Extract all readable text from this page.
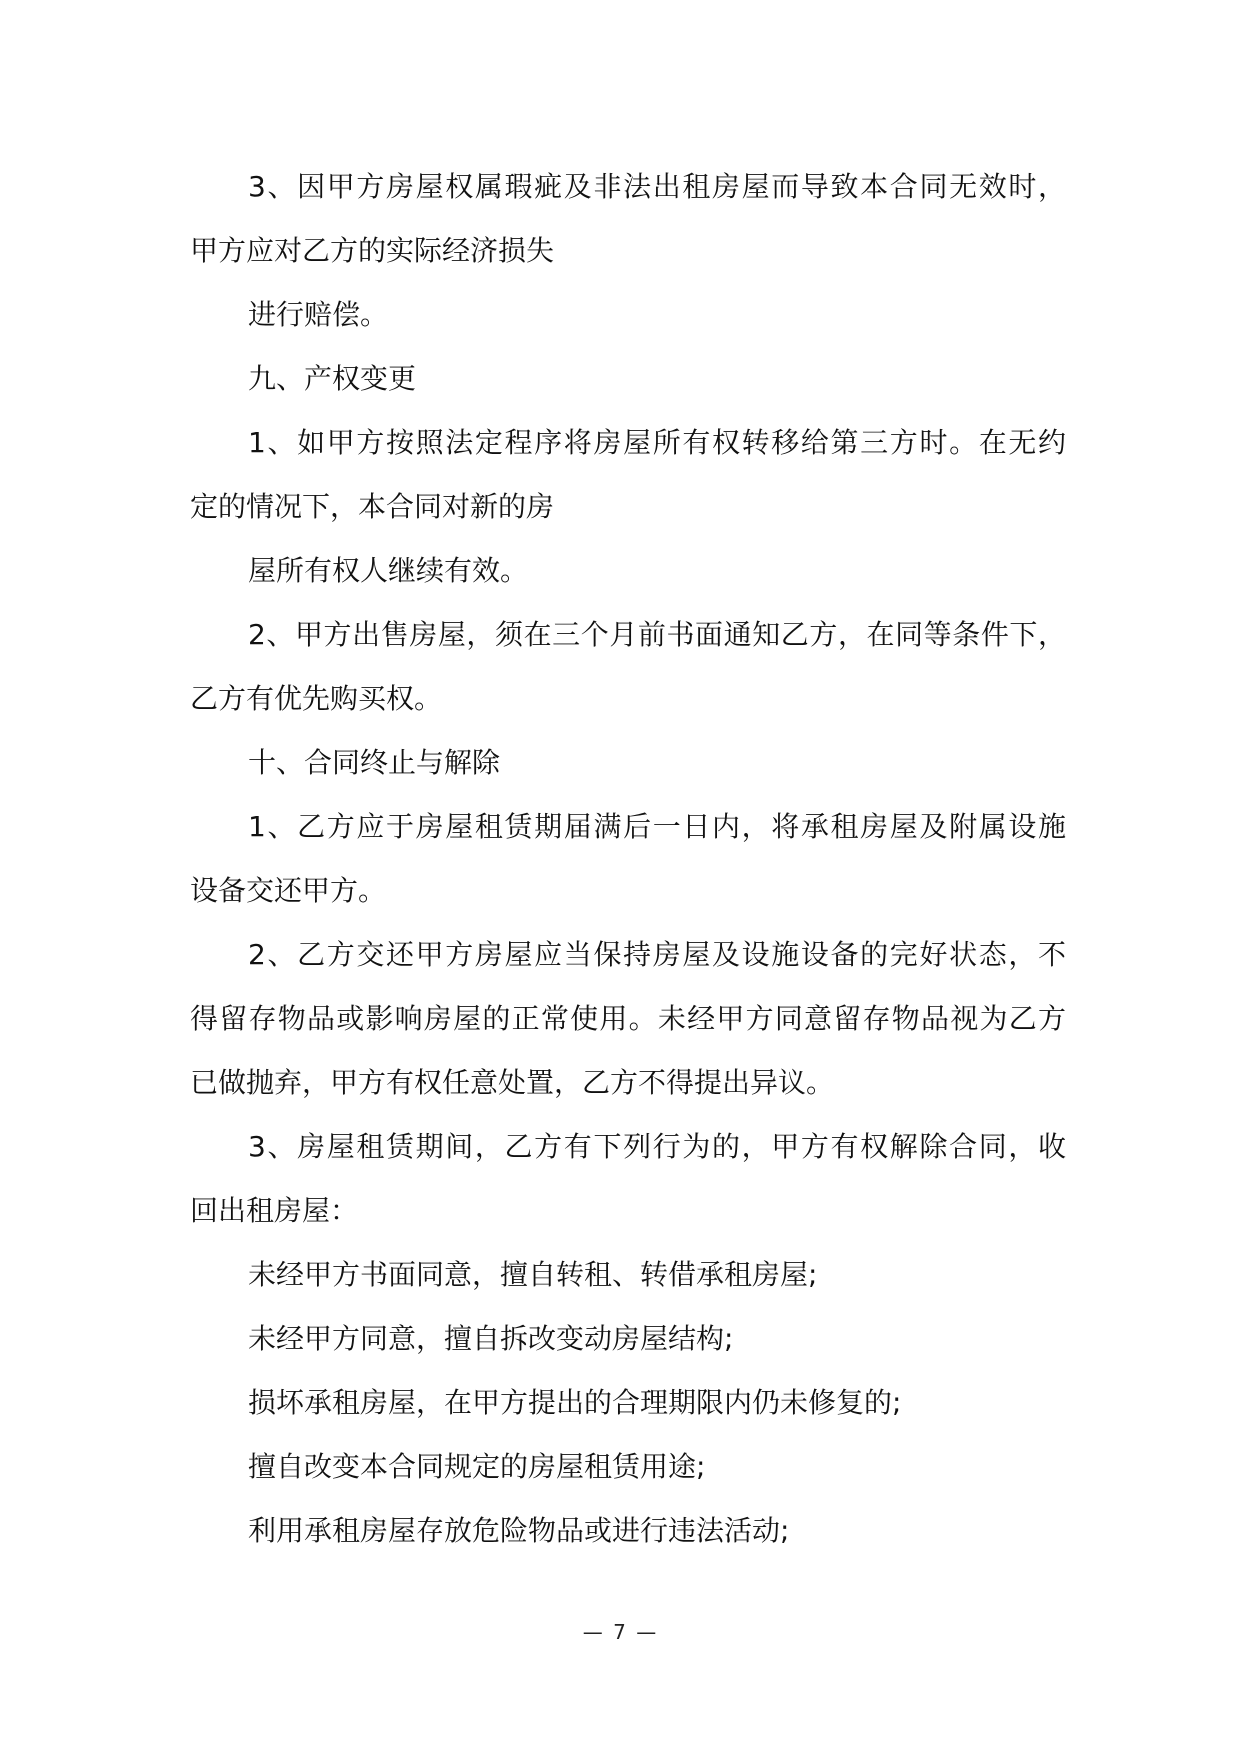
3、因甲方房屋权属瑕疵及非法出租房屋而导致本合同无效时，

甲方应对乙方的实际经济损失

进行赔偿。

九、产权变更

1、如甲方按照法定程序将房屋所有权转移给第三方时。在无约

定的情况下，本合同对新的房

屋所有权人继续有效。

2、甲方出售房屋，须在三个月前书面通知乙方，在同等条件下，

乙方有优先购买权。

十、合同终止与解除

1、乙方应于房屋租赁期届满后一日内，将承租房屋及附属设施

设备交还甲方。

2、乙方交还甲方房屋应当保持房屋及设施设备的完好状态，不

得留存物品或影响房屋的正常使用。未经甲方同意留存物品视为乙方

已做抛弃，甲方有权任意处置，乙方不得提出异议。

3、房屋租赁期间，乙方有下列行为的，甲方有权解除合同，收

回出租房屋：

未经甲方书面同意，擅自转租、转借承租房屋;

未经甲方同意，擅自拆改变动房屋结构;

损坏承租房屋，在甲方提出的合理期限内仍未修复的;

擅自改变本合同规定的房屋租赁用途;

利用承租房屋存放危险物品或进行违法活动;

— 7 —
